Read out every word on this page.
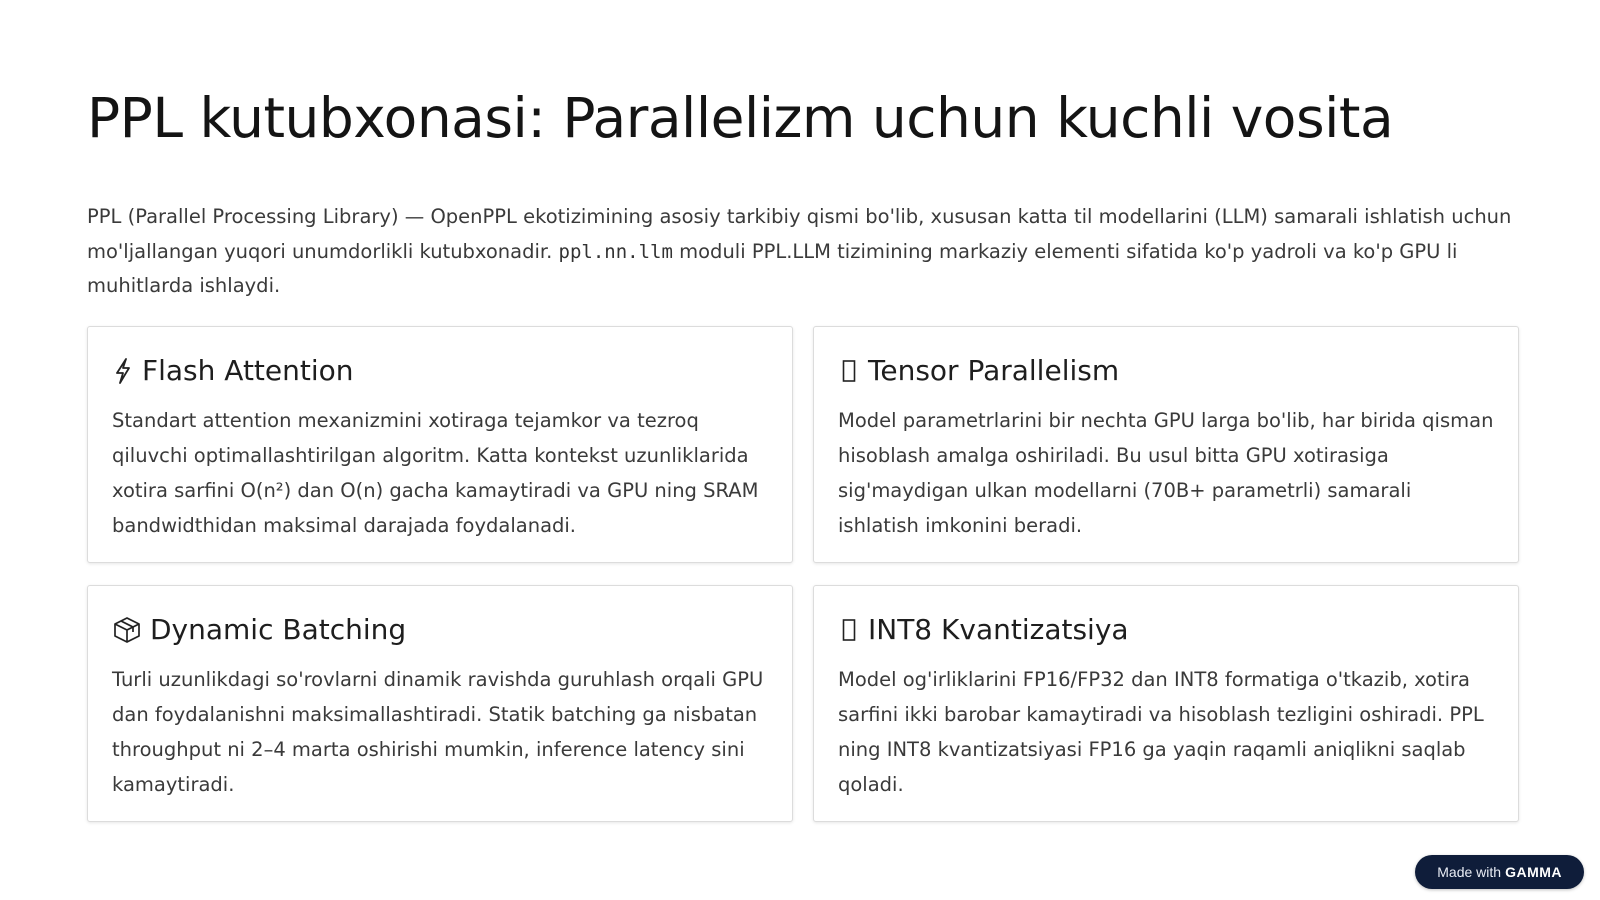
PPL kutubxonasi: Parallelizm uchun kuchli vosita

PPL (Parallel Processing Library) — OpenPPL ekotizimining asosiy tarkibiy qismi bo'lib, xususan katta til modellarini (LLM) samarali ishlatish uchun mo'ljallangan yuqori unumdorlikli kutubxonadir. ppl.nn.llm moduli PPL.LLM tizimining markaziy elementi sifatida ko'p yadroli va ko'p GPU li muhitlarda ishlaydi.

Flash Attention

Standart attention mexanizmini xotiraga tejamkor va tezroq qiluvchi optimallashtirilgan algoritm. Katta kontekst uzunliklarida xotira sarfini O(n²) dan O(n) gacha kamaytiradi va GPU ning SRAM bandwidthidan maksimal darajada foydalanadi.

Tensor Parallelism

Model parametrlarini bir nechta GPU larga bo'lib, har birida qisman hisoblash amalga oshiriladi. Bu usul bitta GPU xotirasiga sig'maydigan ulkan modellarni (70B+ parametrli) samarali ishlatish imkonini beradi.

Dynamic Batching

Turli uzunlikdagi so'rovlarni dinamik ravishda guruhlash orqali GPU dan foydalanishni maksimallashtiradi. Statik batching ga nisbatan throughput ni 2–4 marta oshirishi mumkin, inference latency sini kamaytiradi.

INT8 Kvantizatsiya

Model og'irliklarini FP16/FP32 dan INT8 formatiga o'tkazib, xotira sarfini ikki barobar kamaytiradi va hisoblash tezligini oshiradi. PPL ning INT8 kvantizatsiyasi FP16 ga yaqin raqamli aniqlikni saqlab qoladi.

Made with GAMMA
